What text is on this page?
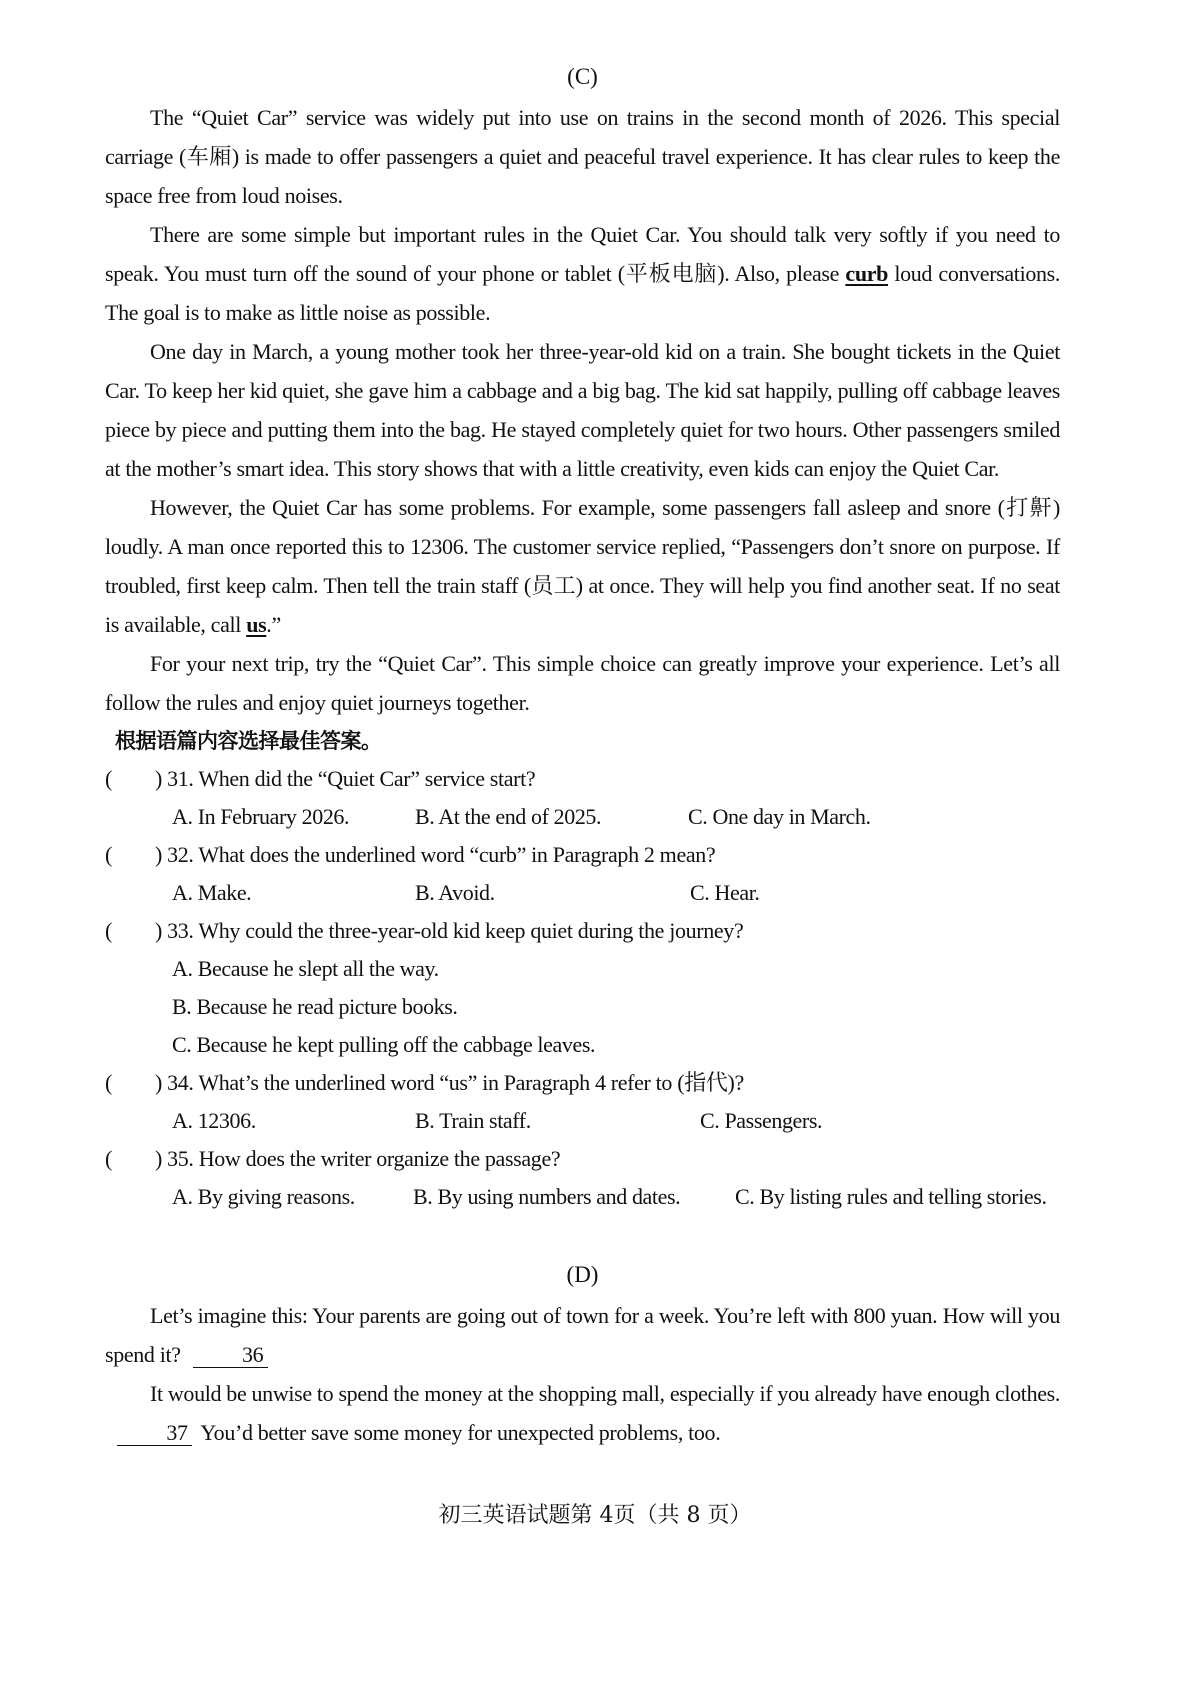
(C)

The “Quiet Car” service was widely put into use on trains in the second month of 2026. This special carriage (车厢) is made to offer passengers a quiet and peaceful travel experience. It has clear rules to keep the space free from loud noises.

There are some simple but important rules in the Quiet Car. You should talk very softly if you need to speak. You must turn off the sound of your phone or tablet (平板电脑). Also, please curb loud conversations. The goal is to make as little noise as possible.

One day in March, a young mother took her three-year-old kid on a train. She bought tickets in the Quiet Car. To keep her kid quiet, she gave him a cabbage and a big bag. The kid sat happily, pulling off cabbage leaves piece by piece and putting them into the bag. He stayed completely quiet for two hours. Other passengers smiled at the mother’s smart idea. This story shows that with a little creativity, even kids can enjoy the Quiet Car.

However, the Quiet Car has some problems. For example, some passengers fall asleep and snore (打鼾) loudly. A man once reported this to 12306. The customer service replied, “Passengers don’t snore on purpose. If troubled, first keep calm. Then tell the train staff (员工) at once. They will help you find another seat. If no seat is available, call us.”

For your next trip, try the “Quiet Car”. This simple choice can greatly improve your experience. Let’s all follow the rules and enjoy quiet journeys together.

根据语篇内容选择最佳答案。
(	) 31. When did the “Quiet Car” service start?
A. In February 2026.	B. At the end of 2025.	C. One day in March.
(	) 32. What does the underlined word “curb” in Paragraph 2 mean?
A. Make.	B. Avoid.	C. Hear.
(	) 33. Why could the three-year-old kid keep quiet during the journey?
A. Because he slept all the way.
B. Because he read picture books.
C. Because he kept pulling off the cabbage leaves.
(	) 34. What’s the underlined word “us” in Paragraph 4 refer to (指代)?
A. 12306.	B. Train staff.	C. Passengers.
(	) 35. How does the writer organize the passage?
A. By giving reasons.	B. By using numbers and dates.	C. By listing rules and telling stories.
(D)

Let’s imagine this: Your parents are going out of town for a week. You’re left with 800 yuan. How will you spend it?	36

It would be unwise to spend the money at the shopping mall, especially if you already have enough clothes.37 You’d better save some money for unexpected problems, too.

初三英语试题第 4页（共 8 页）
